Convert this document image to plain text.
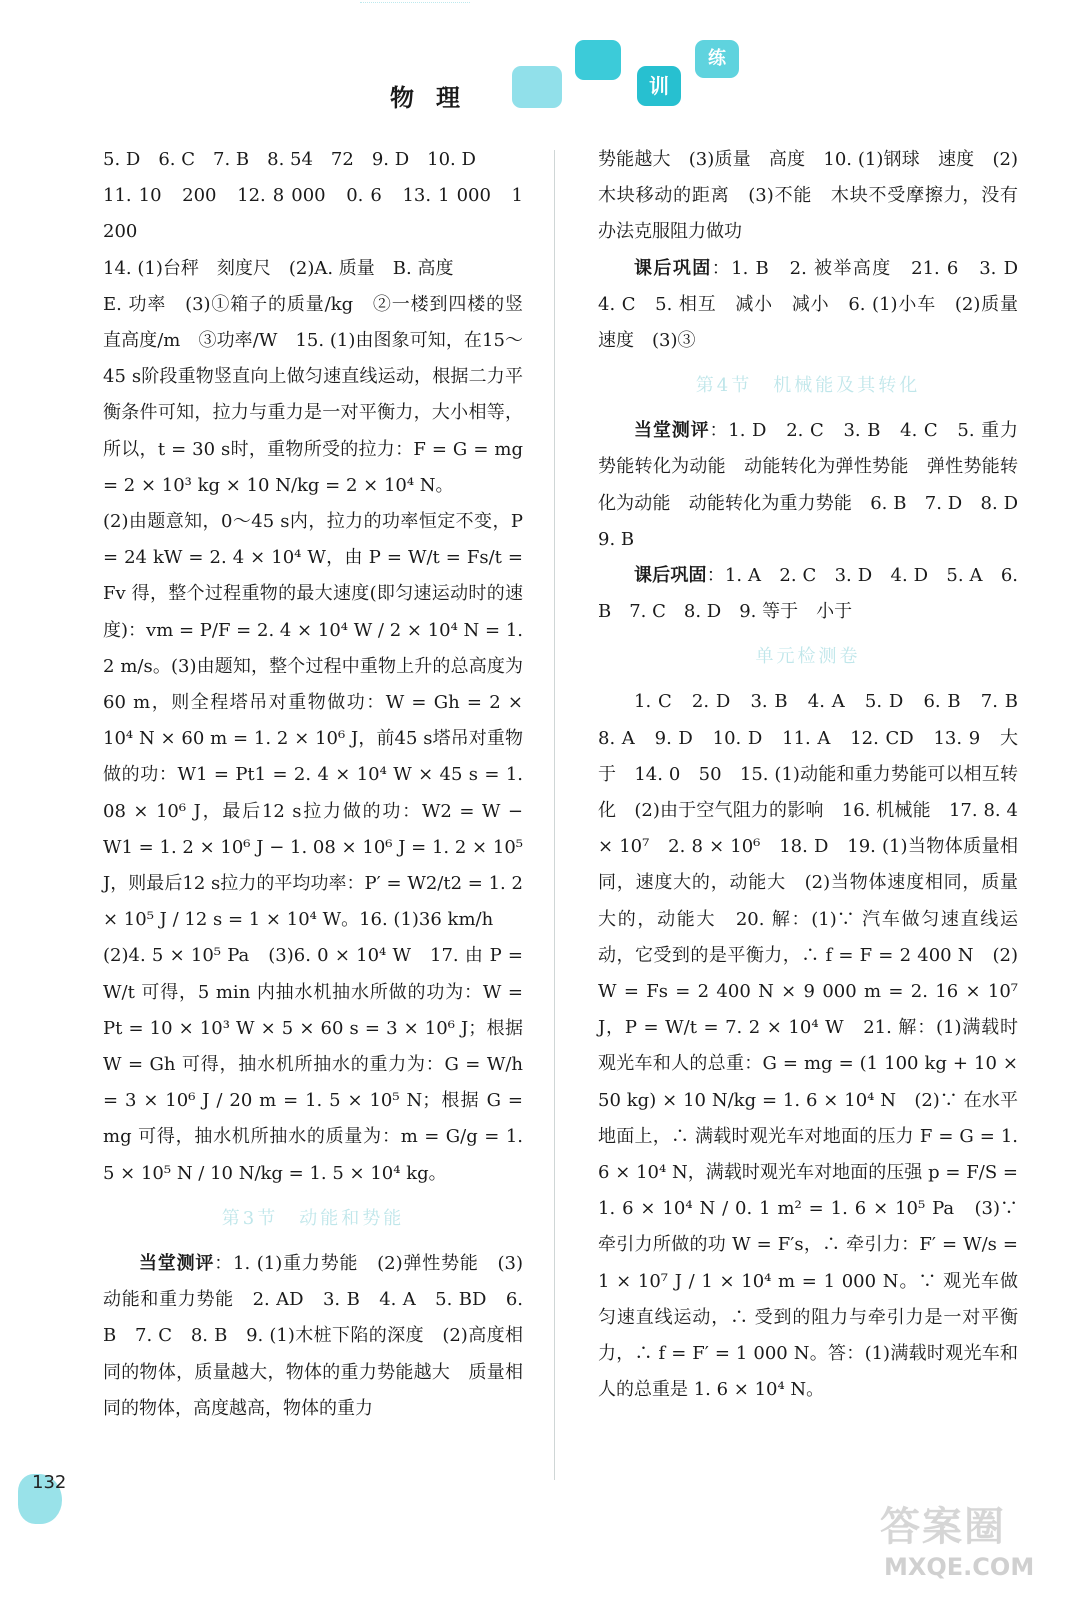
物理	训
练

5. D　6. C　7. B　8. 54　72　9. D　10. D

11. 10　200　12. 8 000　0. 6　13. 1 000　1 200

14. (1)台秤　刻度尺　(2)A. 质量　B. 高度

E. 功率　(3)①箱子的质量/kg　②一楼到四楼的竖直高度/m　③功率/W　15. (1)由图象可知，在15～45 s阶段重物竖直向上做匀速直线运动，根据二力平衡条件可知，拉力与重力是一对平衡力，大小相等，所以，t = 30 s时，重物所受的拉力：F = G = mg = 2 × 10³ kg × 10 N/kg = 2 × 10⁴ N。

(2)由题意知，0～45 s内，拉力的功率恒定不变，P = 24 kW = 2. 4 × 10⁴ W，由 P = W/t = Fs/t = Fv 得，整个过程重物的最大速度(即匀速运动时的速度)：vm = P/F = 2. 4 × 10⁴ W / 2 × 10⁴ N = 1. 2 m/s。(3)由题知，整个过程中重物上升的总高度为60 m，则全程塔吊对重物做功：W = Gh = 2 × 10⁴ N × 60 m = 1. 2 × 10⁶ J，前45 s塔吊对重物做的功：W1 = Pt1 = 2. 4 × 10⁴ W × 45 s = 1. 08 × 10⁶ J，最后12 s拉力做的功：W2 = W − W1 = 1. 2 × 10⁶ J − 1. 08 × 10⁶ J = 1. 2 × 10⁵ J，则最后12 s拉力的平均功率：P′ = W2/t2 = 1. 2 × 10⁵ J / 12 s = 1 × 10⁴ W。16. (1)36 km/h

(2)4. 5 × 10⁵ Pa　(3)6. 0 × 10⁴ W　17. 由 P = W/t 可得，5 min 内抽水机抽水所做的功为：W = Pt = 10 × 10³ W × 5 × 60 s = 3 × 10⁶ J；根据 W = Gh 可得，抽水机所抽水的重力为：G = W/h = 3 × 10⁶ J / 20 m = 1. 5 × 10⁵ N；根据 G = mg 可得，抽水机所抽水的质量为：m = G/g = 1. 5 × 10⁵ N / 10 N/kg = 1. 5 × 10⁴ kg。

第3节　动能和势能

当堂测评：1. (1)重力势能　(2)弹性势能　(3)动能和重力势能　2. AD　3. B　4. A　5. BD　6. B　7. C　8. B　9. (1)木桩下陷的深度　(2)高度相同的物体，质量越大，物体的重力势能越大　质量相同的物体，高度越高，物体的重力

势能越大　(3)质量　高度　10. (1)钢球　速度　(2)木块移动的距离　(3)不能　木块不受摩擦力，没有办法克服阻力做功

课后巩固：1. B　2. 被举高度　21. 6　3. D　4. C　5. 相互　减小　减小　6. (1)小车　(2)质量　速度　(3)③

第4节　机械能及其转化

当堂测评：1. D　2. C　3. B　4. C　5. 重力势能转化为动能　动能转化为弹性势能　弹性势能转化为动能　动能转化为重力势能　6. B　7. D　8. D　9. B

课后巩固：1. A　2. C　3. D　4. D　5. A　6. B　7. C　8. D　9. 等于　小于

单元检测卷

1. C　2. D　3. B　4. A　5. D　6. B　7. B　8. A　9. D　10. D　11. A　12. CD　13. 9　大于　14. 0　50　15. (1)动能和重力势能可以相互转化　(2)由于空气阻力的影响　16. 机械能　17. 8. 4 × 10⁷　2. 8 × 10⁶　18. D　19. (1)当物体质量相同，速度大的，动能大　(2)当物体速度相同，质量大的，动能大　20. 解：(1)∵ 汽车做匀速直线运动，它受到的是平衡力，∴ f = F = 2 400 N　(2) W = Fs = 2 400 N × 9 000 m = 2. 16 × 10⁷ J，P = W/t = 7. 2 × 10⁴ W　21. 解：(1)满载时观光车和人的总重：G = mg = (1 100 kg + 10 × 50 kg) × 10 N/kg = 1. 6 × 10⁴ N　(2)∵ 在水平地面上，∴ 满载时观光车对地面的压力 F = G = 1. 6 × 10⁴ N，满载时观光车对地面的压强 p = F/S = 1. 6 × 10⁴ N / 0. 1 m² = 1. 6 × 10⁵ Pa　(3)∵ 牵引力所做的功 W = F′s，∴ 牵引力：F′ = W/s = 1 × 10⁷ J / 1 × 10⁴ m = 1 000 N。∵ 观光车做匀速直线运动，∴ 受到的阻力与牵引力是一对平衡力，∴ f = F′ = 1 000 N。答：(1)满载时观光车和人的总重是 1. 6 × 10⁴ N。

132
答案圈
MXQE.COM
